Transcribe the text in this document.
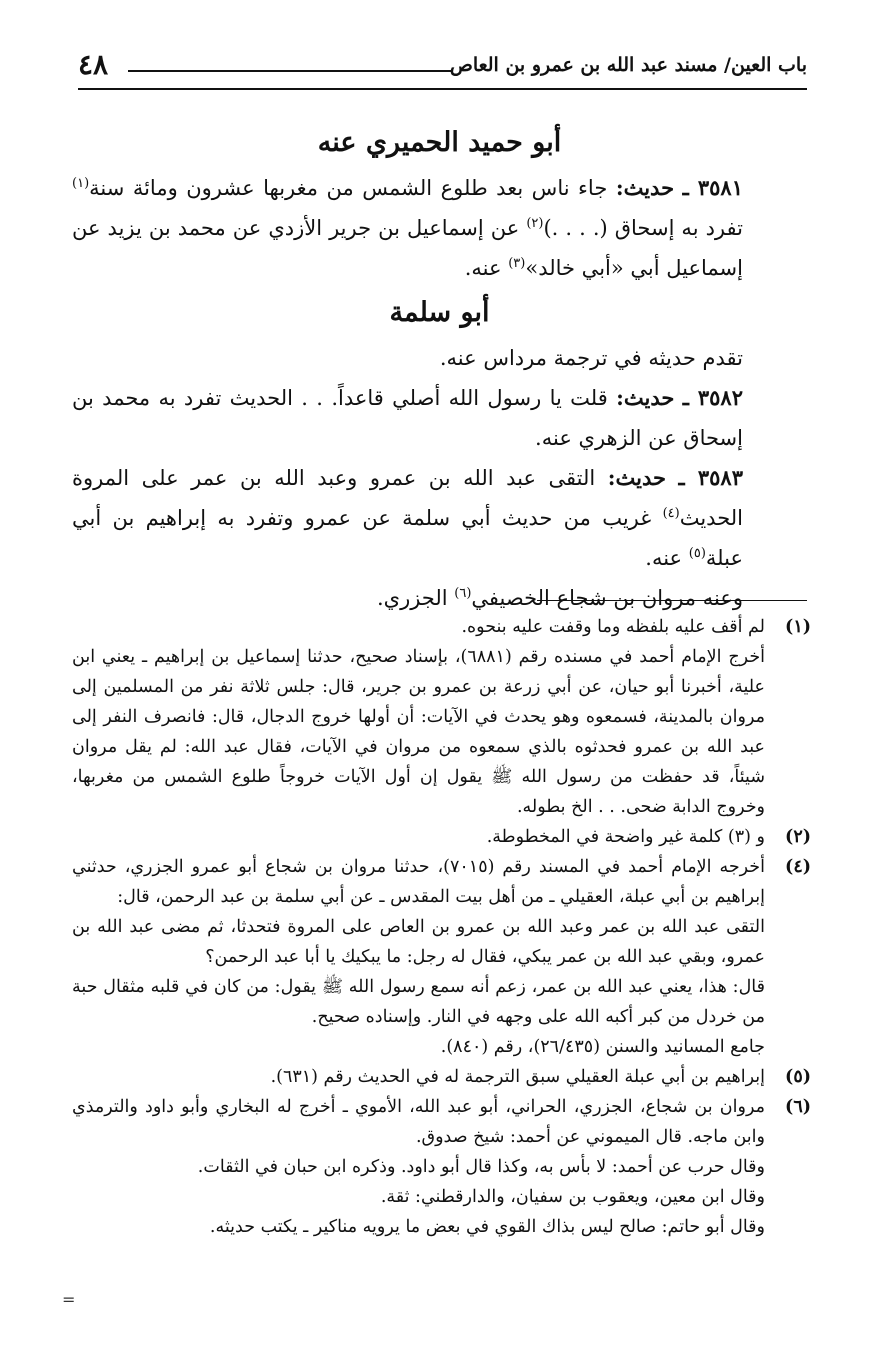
باب العين/ مسند عبد الله بن عمرو بن العاص
٤٨
أبو حميد الحميري عنه

٣٥٨١ ـ حديث: جاء ناس بعد طلوع الشمس من مغربها عشرون ومائة سنة$^{(١)}$ تفرد به إسحاق (. . . .)$^{(٢)}$ عن إسماعيل بن جرير الأزدي عن محمد بن يزيد عن إسماعيل أبي «أبي خالد»$^{(٣)}$ عنه.

أبو سلمة

تقدم حديثه في ترجمة مرداس عنه.

٣٥٨٢ ـ حديث: قلت يا رسول الله أصلي قاعداً. . . الحديث تفرد به محمد بن إسحاق عن الزهري عنه.

٣٥٨٣ ـ حديث: التقى عبد الله بن عمرو وعبد الله بن عمر على المروة الحديث$^{(٤)}$ غريب من حديث أبي سلمة عن عمرو وتفرد به إبراهيم بن أبي عبلة$^{(٥)}$ عنه.

وعنه مروان بن شجاع الخصيفي$^{(٦)}$ الجزري.

(١)

لم أقف عليه بلفظه وما وقفت عليه بنحوه.

أخرج الإمام أحمد في مسنده رقم (٦٨٨١)، بإسناد صحيح، حدثنا إسماعيل بن إبراهيم ـ يعني ابن علية، أخبرنا أبو حيان، عن أبي زرعة بن عمرو بن جرير، قال: جلس ثلاثة نفر من المسلمين إلى مروان بالمدينة، فسمعوه وهو يحدث في الآيات: أن أولها خروج الدجال، قال: فانصرف النفر إلى عبد الله بن عمرو فحدثوه بالذي سمعوه من مروان في الآيات، فقال عبد الله: لم يقل مروان شيئاً، قد حفظت من رسول الله ﷺ يقول إن أول الآيات خروجاً طلوع الشمس من مغربها، وخروج الدابة ضحى. . . الخ بطوله.

(٢)

و (٣) كلمة غير واضحة في المخطوطة.

(٤)

أخرجه الإمام أحمد في المسند رقم (٧٠١٥)، حدثنا مروان بن شجاع أبو عمرو الجزري، حدثني إبراهيم بن أبي عبلة، العقيلي ـ من أهل بيت المقدس ـ عن أبي سلمة بن عبد الرحمن، قال:

التقى عبد الله بن عمر وعبد الله بن عمرو بن العاص على المروة فتحدثا، ثم مضى عبد الله بن عمرو، وبقي عبد الله بن عمر يبكي، فقال له رجل: ما يبكيك يا أبا عبد الرحمن؟

قال: هذا، يعني عبد الله بن عمر، زعم أنه سمع رسول الله ﷺ يقول: من كان في قلبه مثقال حبة من خردل من كبر أكبه الله على وجهه في النار. وإسناده صحيح.

جامع المسانيد والسنن (٢٦/٤٣٥)، رقم (٨٤٠).

(٥)

إبراهيم بن أبي عبلة العقيلي سبق الترجمة له في الحديث رقم (٦٣١).

(٦)

مروان بن شجاع، الجزري، الحراني، أبو عبد الله، الأموي ـ أخرج له البخاري وأبو داود والترمذي وابن ماجه. قال الميموني عن أحمد: شيخ صدوق.

وقال حرب عن أحمد: لا بأس به، وكذا قال أبو داود. وذكره ابن حبان في الثقات.

وقال ابن معين، ويعقوب بن سفيان، والدارقطني: ثقة.

وقال أبو حاتم: صالح ليس بذاك القوي في بعض ما يرويه مناكير ـ يكتب حديثه.

=
